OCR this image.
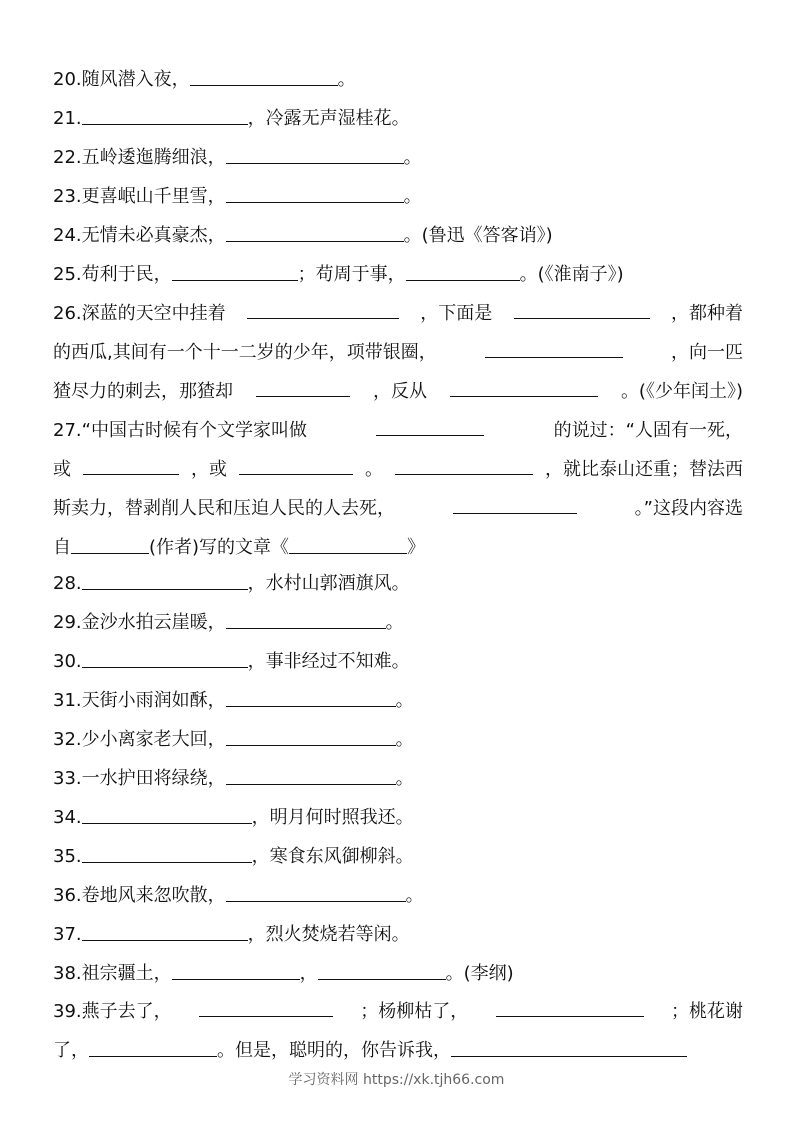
20.随风潜入夜，	。
21.	，冷露无声湿桂花。
22.五岭逶迤腾细浪，	。
23.更喜岷山千里雪，	。
24.无情未必真豪杰，	。(鲁迅《答客诮》)
25.苟利于民，	；苟周于事，	。(《淮南子》)
26.深蓝的天空中挂着	，下面是	，都种着
的西瓜,其间有一个十一二岁的少年，项带银圈，	，向一匹
猹尽力的刺去，那猹却	，反从	。(《少年闰土》)
27.“中国古时候有个文学家叫做	的说过：“人固有一死，
或	，或	。	，就比泰山还重；替法西
斯卖力，替剥削人民和压迫人民的人去死，	。”这段内容选
自	(作者)写的文章《	》
28.	，水村山郭酒旗风。
29.金沙水拍云崖暖，	。
30.	，事非经过不知难。
31.天街小雨润如酥，	。
32.少小离家老大回，	。
33.一水护田将绿绕，	。
34.	，明月何时照我还。
35.	，寒食东风御柳斜。
36.卷地风来忽吹散，	。
37.	，烈火焚烧若等闲。
38.祖宗疆土，	，	。(李纲)
39.燕子去了，	；杨柳枯了，	；桃花谢
了，	。但是，聪明的，你告诉我，
学习资料网 https://xk.tjh66.com
